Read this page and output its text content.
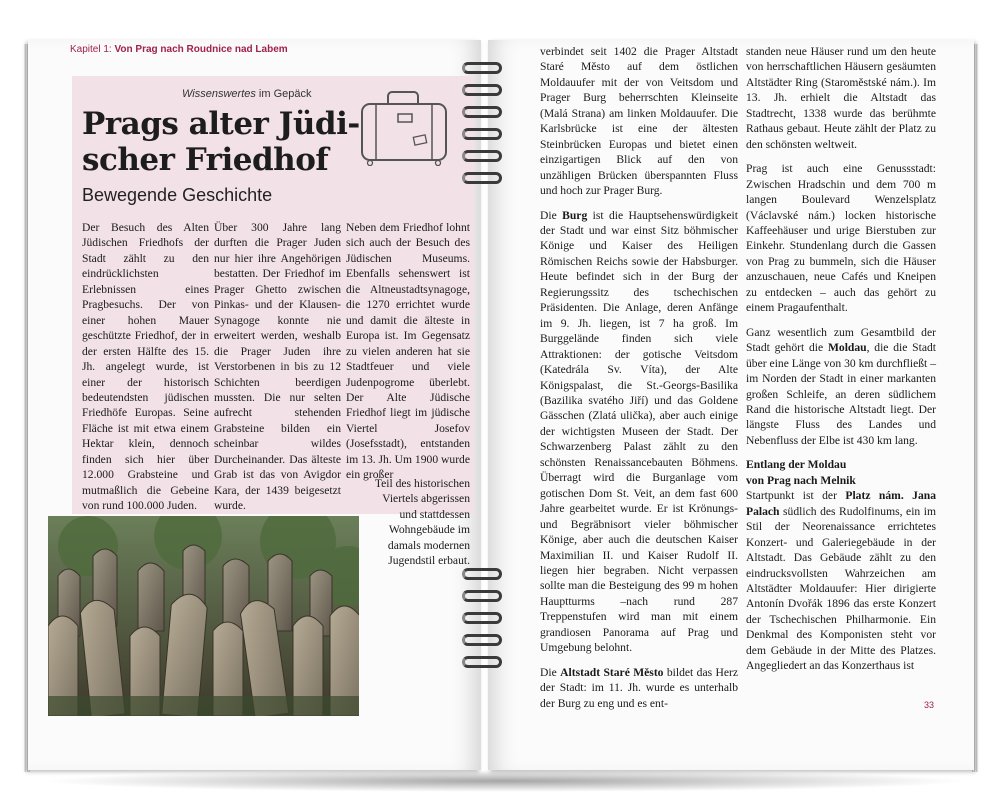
Kapitel 1: Von Prag nach Roudnice nad Labem
Wissenswertes im Gepäck
Prags alter Jüdi-scher Friedhof
Bewegende Geschichte

Der Besuch des Alten Jüdischen Friedhofs der Stadt zählt zu den eindrücklichsten Erlebnissen eines Pragbesuchs. Der von einer hohen Mauer geschützte Friedhof, der in der ersten Hälfte des 15. Jh. angelegt wurde, ist einer der historisch bedeutendsten jüdischen Friedhöfe Europas. Seine Fläche ist mit etwa einem Hektar klein, dennoch finden sich hier über 12.000 Grabsteine und mutmaßlich die Gebeine von rund 100.000 Juden.

Über 300 Jahre lang durften die Prager Juden nur hier ihre Angehörigen bestatten. Der Friedhof im Prager Ghetto zwischen Pinkas- und der Klausen-Synagoge konnte nie erweitert werden, weshalb die Prager Juden ihre Verstorbenen in bis zu 12 Schichten beerdigen mussten. Die nur selten aufrecht stehenden Grabsteine bilden ein scheinbar wildes Durcheinander. Das älteste Grab ist das von Avigdor Kara, der 1439 beigesetzt wurde.

Neben dem Friedhof lohnt sich auch der Besuch des Jüdischen Museums. Ebenfalls sehenswert ist die Altneustadtsynagoge, die 1270 errichtet wurde und damit die älteste in Europa ist. Im Gegensatz zu vielen anderen hat sie Stadtfeuer und viele Judenpogrome überlebt. Der Alte Jüdische Friedhof liegt im jüdische Viertel Josefov (Josefsstadt), entstanden im 13. Jh. Um 1900 wurde ein großer

Teil des historischen Viertels abgerissen und stattdessen Wohngebäude im damals modernen Jugendstil erbaut.

verbindet seit 1402 die Prager Altstadt Staré Město auf dem östlichen Moldauufer mit der von Veitsdom und Prager Burg beherrschten Kleinseite (Malá Strana) am linken Moldauufer. Die Karlsbrücke ist eine der ältesten Steinbrücken Europas und bietet einen einzigartigen Blick auf den von unzähligen Brücken überspannten Fluss und hoch zur Prager Burg.

Die Burg ist die Hauptsehenswürdigkeit der Stadt und war einst Sitz böhmischer Könige und Kaiser des Heiligen Römischen Reichs sowie der Habsburger. Heute befindet sich in der Burg der Regierungssitz des tschechischen Präsidenten. Die Anlage, deren Anfänge im 9. Jh. liegen, ist 7 ha groß. Im Burggelände finden sich viele Attraktionen: der gotische Veitsdom (Katedrála Sv. Víta), der Alte Königspalast, die St.-Georgs-Basilika (Bazilika svatého Jiří) und das Goldene Gässchen (Zlatá ulička), aber auch einige der wichtigsten Museen der Stadt. Der Schwarzenberg Palast zählt zu den schönsten Renaissancebauten Böhmens. Überragt wird die Burganlage vom gotischen Dom St. Veit, an dem fast 600 Jahre gearbeitet wurde. Er ist Krönungs- und Begräbnisort vieler böhmischer Könige, aber auch die deutschen Kaiser Maximilian II. und Kaiser Rudolf II. liegen hier begraben. Nicht verpassen sollte man die Besteigung des 99 m hohen Hauptturms –nach rund 287 Treppenstufen wird man mit einem grandiosen Panorama auf Prag und Umgebung belohnt.

Die Altstadt Staré Město bildet das Herz der Stadt: im 11. Jh. wurde es unterhalb der Burg zu eng und es ent-

standen neue Häuser rund um den heute von herrschaftlichen Häusern gesäumten Altstädter Ring (Staroměstské nám.). Im 13. Jh. erhielt die Altstadt das Stadtrecht, 1338 wurde das berühmte Rathaus gebaut. Heute zählt der Platz zu den schönsten weltweit.

Prag ist auch eine Genussstadt: Zwischen Hradschin und dem 700 m langen Boulevard Wenzelsplatz (Václavské nám.) locken historische Kaffeehäuser und urige Bierstuben zur Einkehr. Stundenlang durch die Gassen von Prag zu bummeln, sich die Häuser anzuschauen, neue Cafés und Kneipen zu entdecken – auch das gehört zu einem Pragaufenthalt.

Ganz wesentlich zum Gesamtbild der Stadt gehört die Moldau, die die Stadt über eine Länge von 30 km durchfließt – im Norden der Stadt in einer markanten großen Schleife, an deren südlichem Rand die historische Altstadt liegt. Der längste Fluss des Landes und Nebenfluss der Elbe ist 430 km lang.

Entlang der Moldau
von Prag nach Melnik

Startpunkt ist der Platz nám. Jana Palach südlich des Rudolfinums, ein im Stil der Neorenaissance errichtetes Konzert- und Galeriegebäude in der Altstadt. Das Gebäude zählt zu den eindrucksvollsten Wahrzeichen am Altstädter Moldauufer: Hier dirigierte Antonín Dvořák 1896 das erste Konzert der Tschechischen Philharmonie. Ein Denkmal des Komponisten steht vor dem Gebäude in der Mitte des Platzes. Angegliedert an das Konzerthaus ist

33
